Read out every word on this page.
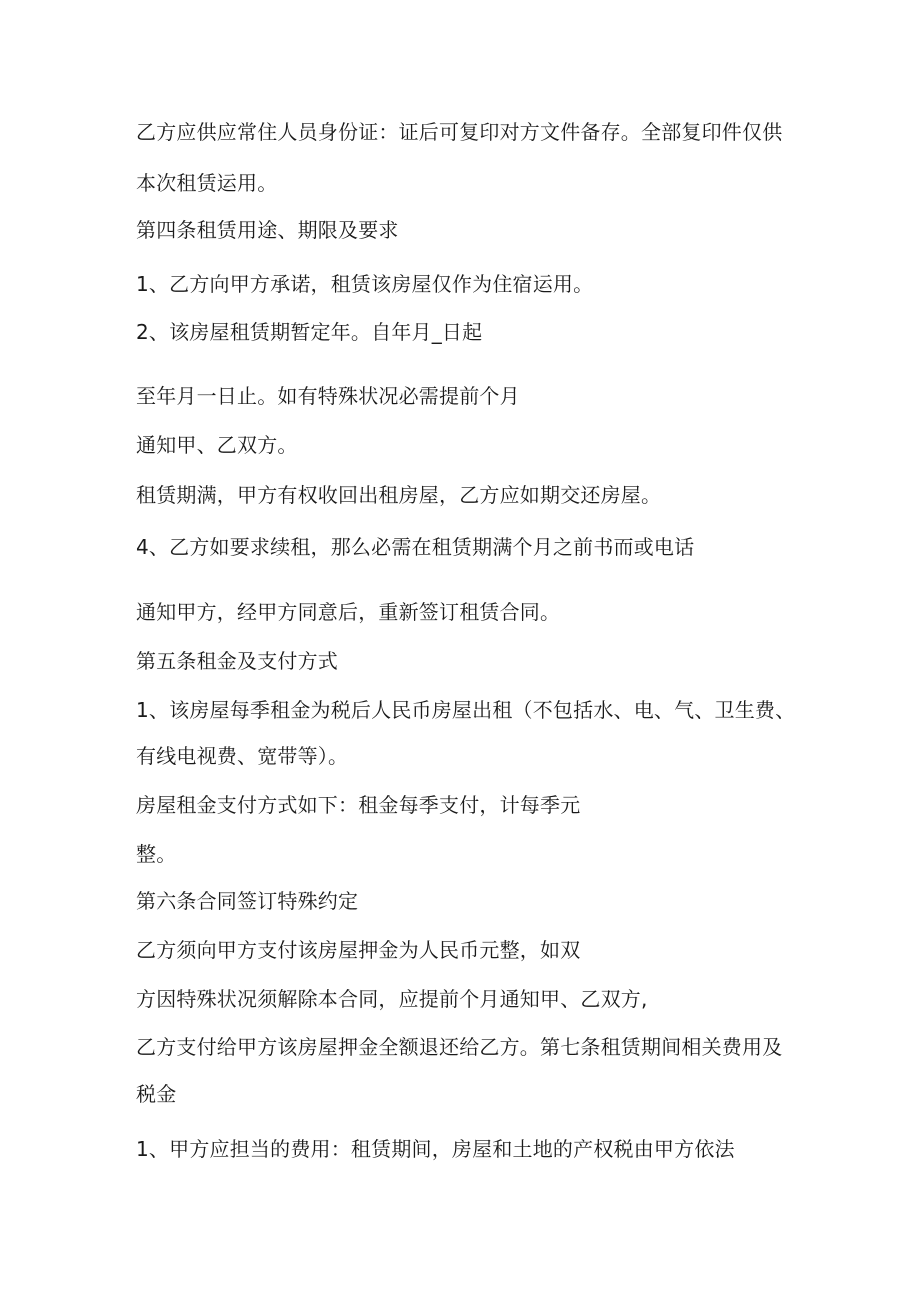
乙方应供应常住人员身份证：证后可复印对方文件备存。全部复印件仅供

本次租赁运用。

第四条租赁用途、期限及要求

1、乙方向甲方承诺，租赁该房屋仅作为住宿运用。

2、该房屋租赁期暂定年。自年月_日起

至年月一日止。如有特殊状况必需提前个月

通知甲、乙双方。

租赁期满，甲方有权收回出租房屋，乙方应如期交还房屋。

4、乙方如要求续租，那么必需在租赁期满个月之前书而或电话

通知甲方，经甲方同意后，重新签订租赁合同。

第五条租金及支付方式

1、该房屋每季租金为税后人民币房屋出租（不包括水、电、气、卫生费、

有线电视费、宽带等）。

房屋租金支付方式如下：租金每季支付，计每季元

整。

第六条合同签订特殊约定

乙方须向甲方支付该房屋押金为人民币元整，如双

方因特殊状况须解除本合同，应提前个月通知甲、乙双方,

乙方支付给甲方该房屋押金全额退还给乙方。第七条租赁期间相关费用及

税金

1、甲方应担当的费用：租赁期间，房屋和土地的产权税由甲方依法
